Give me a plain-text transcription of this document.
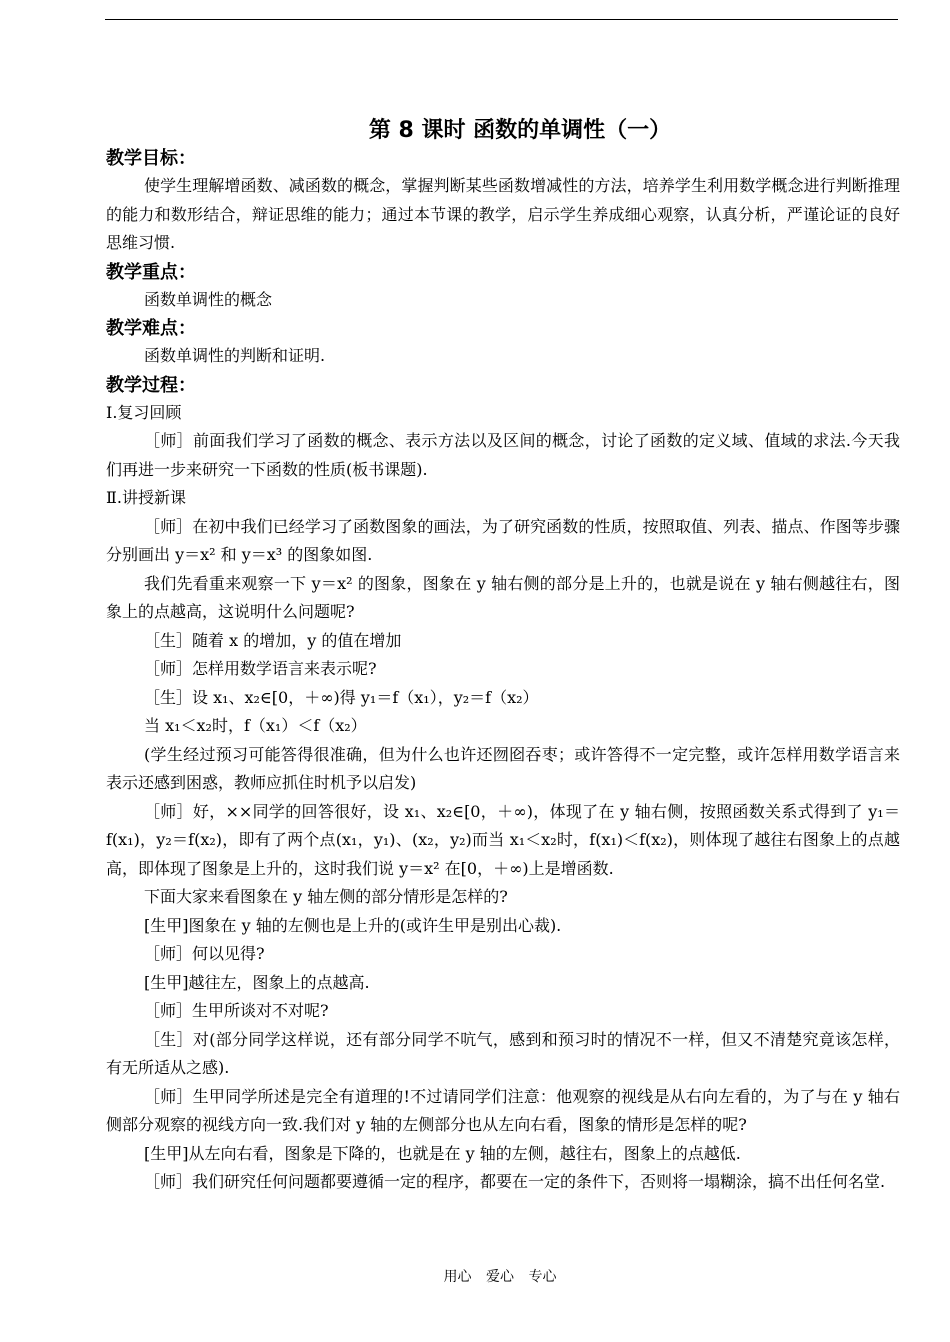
第 8 课时 函数的单调性（一）
教学目标：

使学生理解增函数、减函数的概念，掌握判断某些函数增减性的方法，培养学生利用数学概念进行判断推理的能力和数形结合，辩证思维的能力；通过本节课的教学，启示学生养成细心观察，认真分析，严谨论证的良好思维习惯.

教学重点：

函数单调性的概念

教学难点：

函数单调性的判断和证明.

教学过程：

Ⅰ.复习回顾

［师］前面我们学习了函数的概念、表示方法以及区间的概念，讨论了函数的定义域、值域的求法.今天我们再进一步来研究一下函数的性质(板书课题).

Ⅱ.讲授新课

［师］在初中我们已经学习了函数图象的画法，为了研究函数的性质，按照取值、列表、描点、作图等步骤分别画出 y＝x² 和 y＝x³ 的图象如图.

我们先看重来观察一下 y＝x² 的图象，图象在 y 轴右侧的部分是上升的，也就是说在 y 轴右侧越往右，图象上的点越高，这说明什么问题呢?

［生］随着 x 的增加，y 的值在增加

［师］怎样用数学语言来表示呢?

［生］设 x₁、x₂∈[0，＋∞)得 y₁＝f（x₁），y₂＝f（x₂）

当 x₁＜x₂时，f（x₁）＜f（x₂）

(学生经过预习可能答得很准确，但为什么也许还囫囵吞枣；或许答得不一定完整，或许怎样用数学语言来表示还感到困惑，教师应抓住时机予以启发)

［师］好，××同学的回答很好，设 x₁、x₂∈[0，＋∞)，体现了在 y 轴右侧，按照函数关系式得到了 y₁＝f(x₁)，y₂＝f(x₂)，即有了两个点(x₁，y₁)、(x₂，y₂)而当 x₁＜x₂时，f(x₁)＜f(x₂)，则体现了越往右图象上的点越高，即体现了图象是上升的，这时我们说 y＝x² 在[0，＋∞)上是增函数.

下面大家来看图象在 y 轴左侧的部分情形是怎样的?

[生甲]图象在 y 轴的左侧也是上升的(或许生甲是别出心裁).

［师］何以见得?

[生甲]越往左，图象上的点越高.

［师］生甲所谈对不对呢?

［生］对(部分同学这样说，还有部分同学不吭气，感到和预习时的情况不一样，但又不清楚究竟该怎样，有无所适从之感).

［师］生甲同学所述是完全有道理的!不过请同学们注意：他观察的视线是从右向左看的，为了与在 y 轴右侧部分观察的视线方向一致.我们对 y 轴的左侧部分也从左向右看，图象的情形是怎样的呢?

[生甲]从左向右看，图象是下降的，也就是在 y 轴的左侧，越往右，图象上的点越低.

［师］我们研究任何问题都要遵循一定的程序，都要在一定的条件下，否则将一塌糊涂，搞不出任何名堂.

用心 爱心 专心
